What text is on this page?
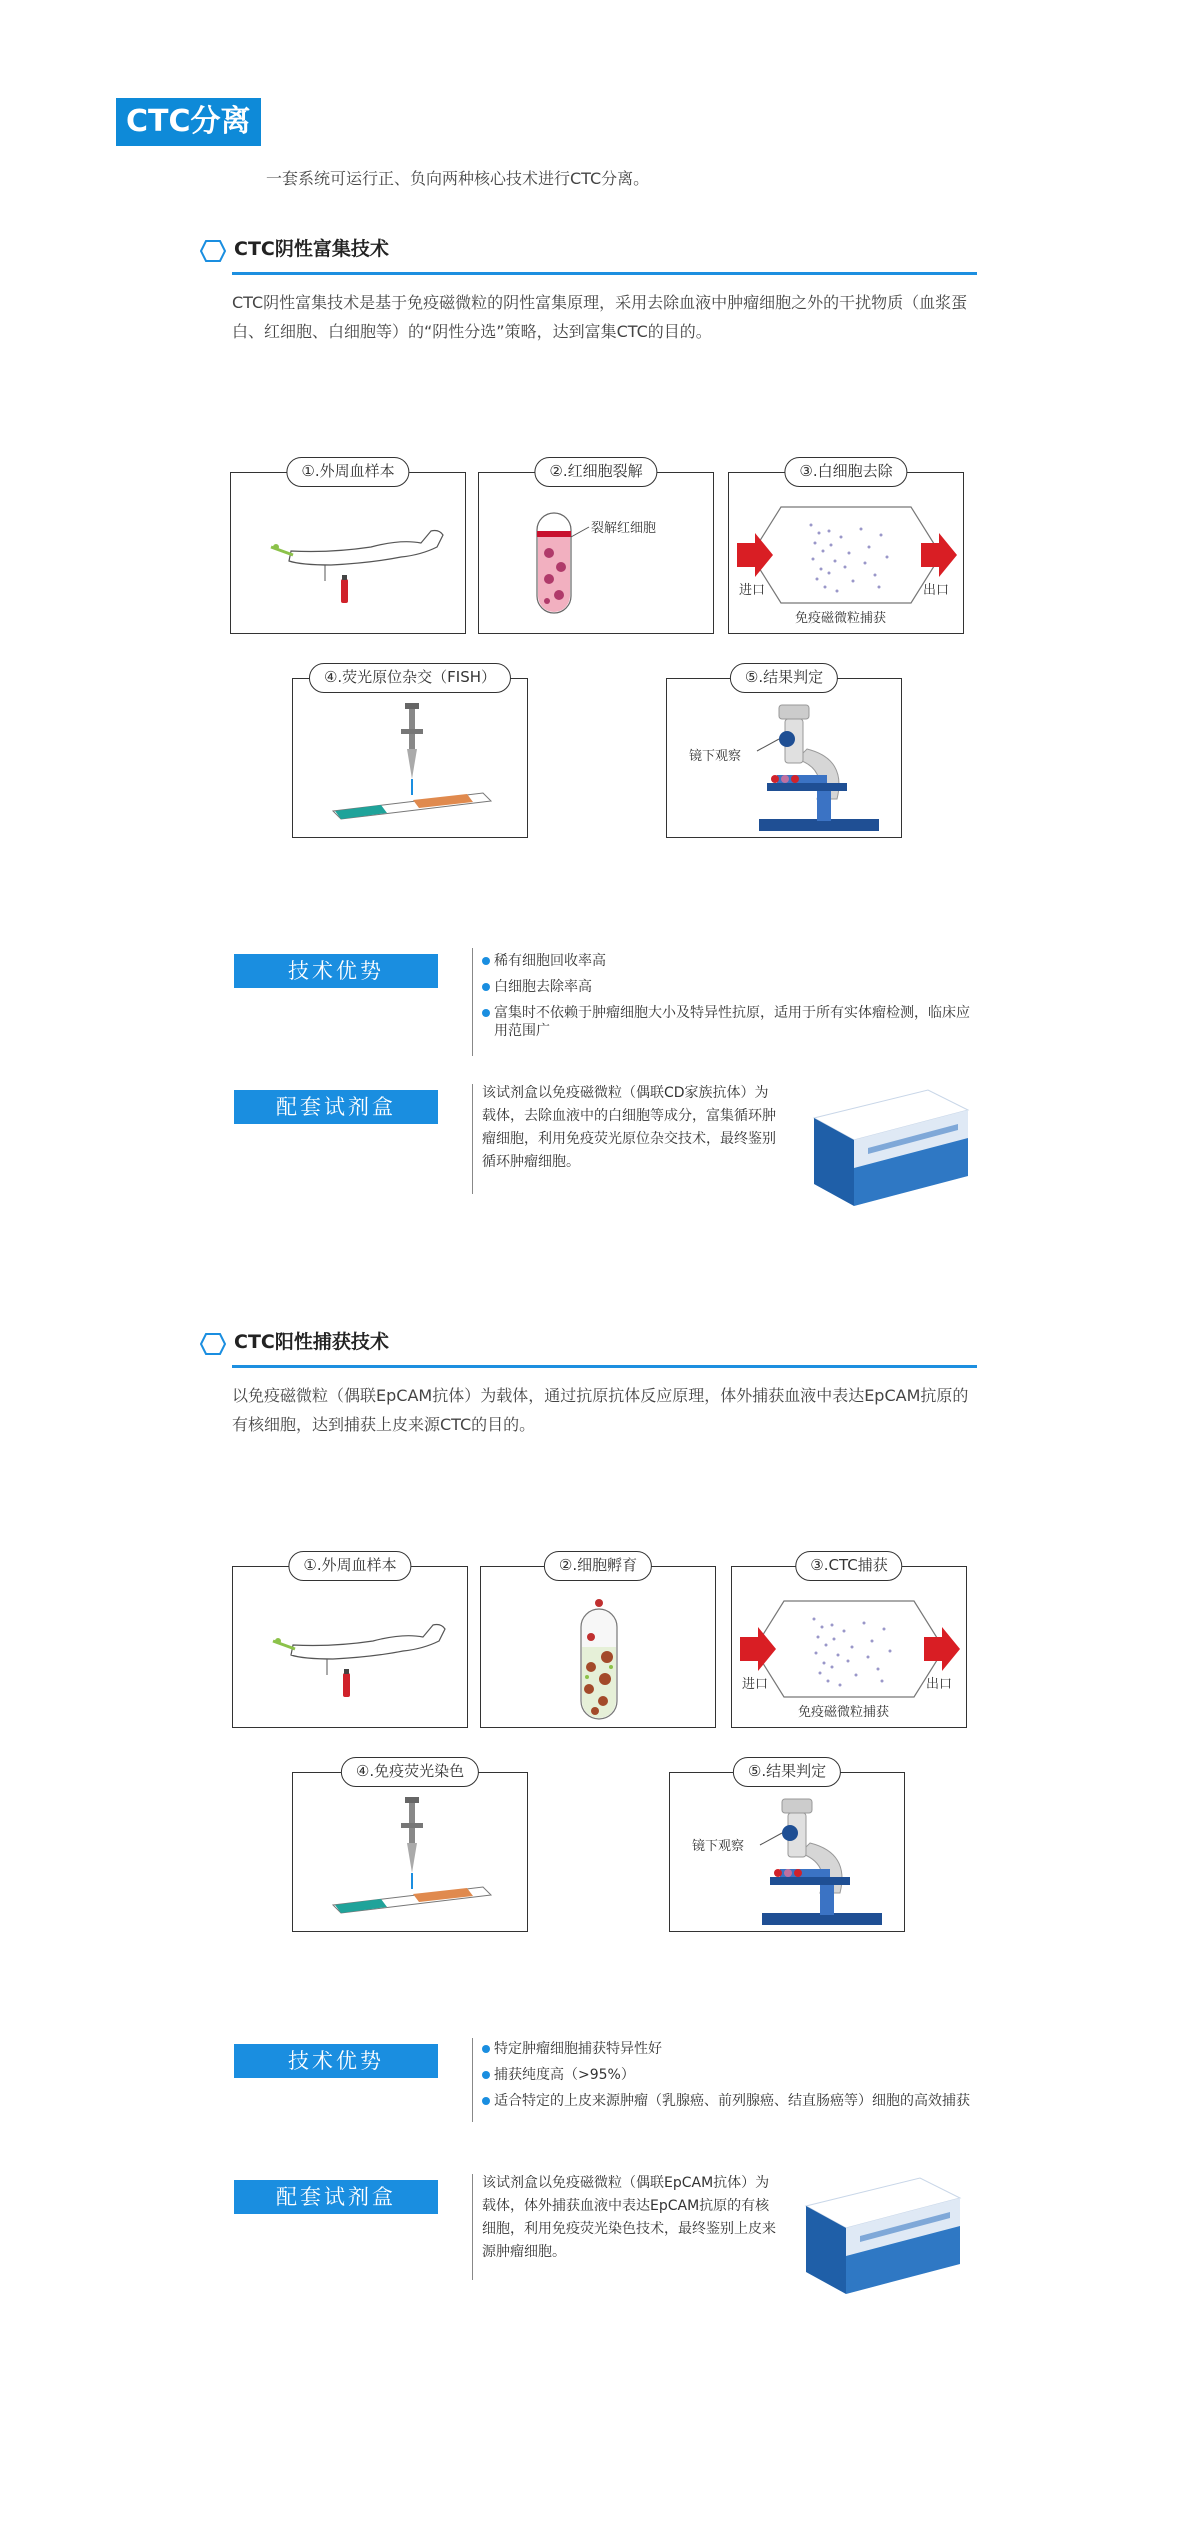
CTC分离
一套系统可运行正、负向两种核心技术进行CTC分离。
CTC阴性富集技术

CTC阴性富集技术是基于免疫磁微粒的阴性富集原理，采用去除血液中肿瘤细胞之外的干扰物质（血浆蛋白、红细胞、白细胞等）的“阴性分选”策略，达到富集CTC的目的。

①.外周血样本	②.红细胞裂解
裂解红细胞
③.白细胞去除
进口	出口
免疫磁微粒捕获
④.荧光原位杂交（FISH）	⑤.结果判定
镜下观察
技术优势	稀有细胞回收率高
白细胞去除率高
富集时不依赖于肿瘤细胞大小及特异性抗原，适用于所有实体瘤检测，临床应用范围广
配套试剂盒

该试剂盒以免疫磁微粒（偶联CD家族抗体）为载体，去除血液中的白细胞等成分，富集循环肿瘤细胞，利用免疫荧光原位杂交技术，最终鉴别循环肿瘤细胞。

CTC阳性捕获技术

以免疫磁微粒（偶联EpCAM抗体）为载体，通过抗原抗体反应原理，体外捕获血液中表达EpCAM抗原的有核细胞，达到捕获上皮来源CTC的目的。

①.外周血样本	②.细胞孵育	③.CTC捕获
进口	出口
免疫磁微粒捕获
④.免疫荧光染色	⑤.结果判定
镜下观察
技术优势	特定肿瘤细胞捕获特异性好
捕获纯度高（>95%）
适合特定的上皮来源肿瘤（乳腺癌、前列腺癌、结直肠癌等）细胞的高效捕获
配套试剂盒

该试剂盒以免疫磁微粒（偶联EpCAM抗体）为载体，体外捕获血液中表达EpCAM抗原的有核细胞，利用免疫荧光染色技术，最终鉴别上皮来源肿瘤细胞。
